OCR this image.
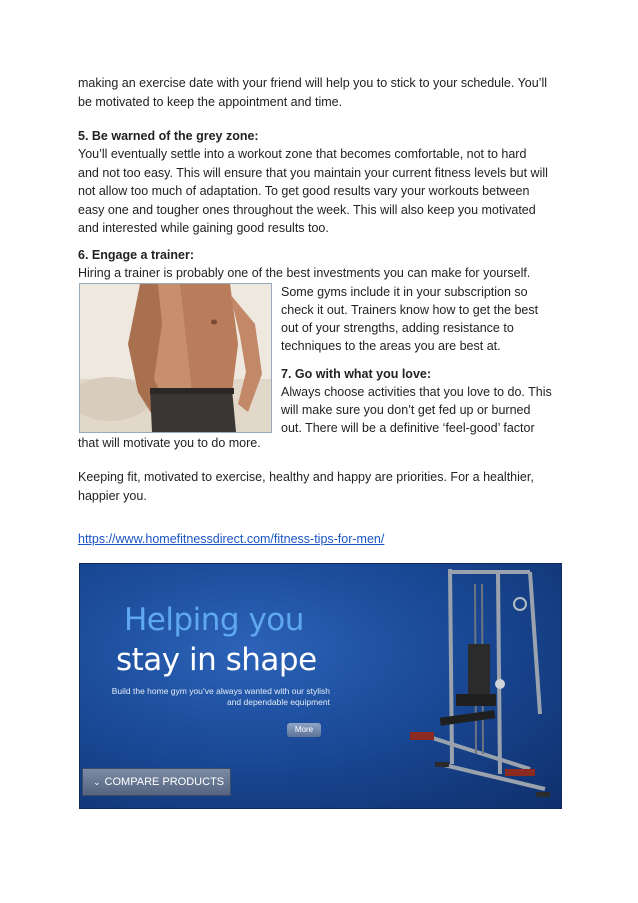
making an exercise date with your friend will help you to stick to your schedule. You’ll
be motivated to keep the appointment and time.

5. Be warned of the grey zone:

You’ll eventually settle into a workout zone that becomes comfortable, not to hard
and not too easy. This will ensure that you maintain your current fitness levels but will
not allow too much of adaptation. To get good results vary your workouts between
easy one and tougher ones throughout the week. This will also keep you motivated
and interested while gaining good results too.

6. Engage a trainer:

Hiring a trainer is probably one of the best investments you can make for yourself.

Some gyms include it in your subscription so
check it out. Trainers know how to get the best
out of your strengths, adding resistance to
techniques to the areas you are best at.

7. Go with what you love:

Always choose activities that you love to do. This
will make sure you don’t get fed up or burned
out. There will be a definitive ‘feel-good’ factor

that will motivate you to do more.

Keeping fit, motivated to exercise, healthy and happy are priorities. For a healthier,
happier you.

https://www.homefitnessdirect.com/fitness-tips-for-men/

Helping you
stay in shape
Build the home gym you’ve always wanted with our stylish
and dependable equipment
More
⌄ COMPARE PRODUCTS
